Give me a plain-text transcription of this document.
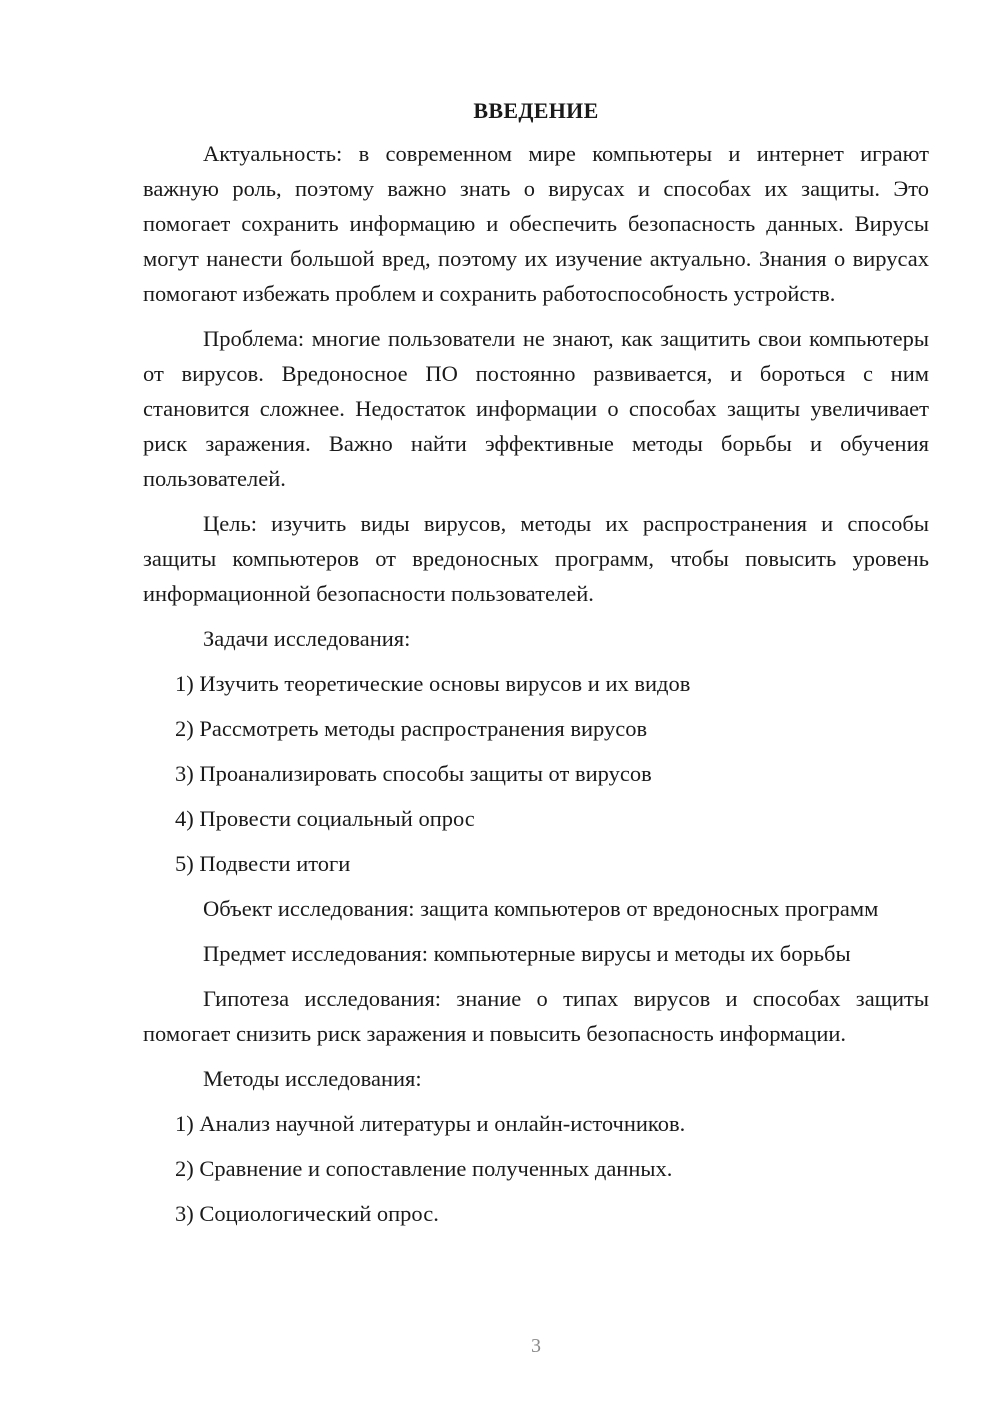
ВВЕДЕНИЕ

Актуальность: в современном мире компьютеры и интернет играют важную роль, поэтому важно знать о вирусах и способах их защиты. Это помогает сохранить информацию и обеспечить безопасность данных. Вирусы могут нанести большой вред, поэтому их изучение актуально. Знания о вирусах помогают избежать проблем и сохранить работоспособность устройств.

Проблема: многие пользователи не знают, как защитить свои компьютеры от вирусов. Вредоносное ПО постоянно развивается, и бороться с ним становится сложнее. Недостаток информации о способах защиты увеличивает риск заражения. Важно найти эффективные методы борьбы и обучения пользователей.

Цель: изучить виды вирусов, методы их распространения и способы защиты компьютеров от вредоносных программ, чтобы повысить уровень информационной безопасности пользователей.

Задачи исследования:

1) Изучить теоретические основы вирусов и их видов

2) Рассмотреть методы распространения вирусов

3) Проанализировать способы защиты от вирусов

4) Провести социальный опрос

5) Подвести итоги

Объект исследования: защита компьютеров от вредоносных программ

Предмет исследования: компьютерные вирусы и методы их борьбы

Гипотеза исследования: знание о типах вирусов и способах защиты помогает снизить риск заражения и повысить безопасность информации.

Методы исследования:

1) Анализ научной литературы и онлайн-источников.

2) Сравнение и сопоставление полученных данных.

3) Социологический опрос.

3
